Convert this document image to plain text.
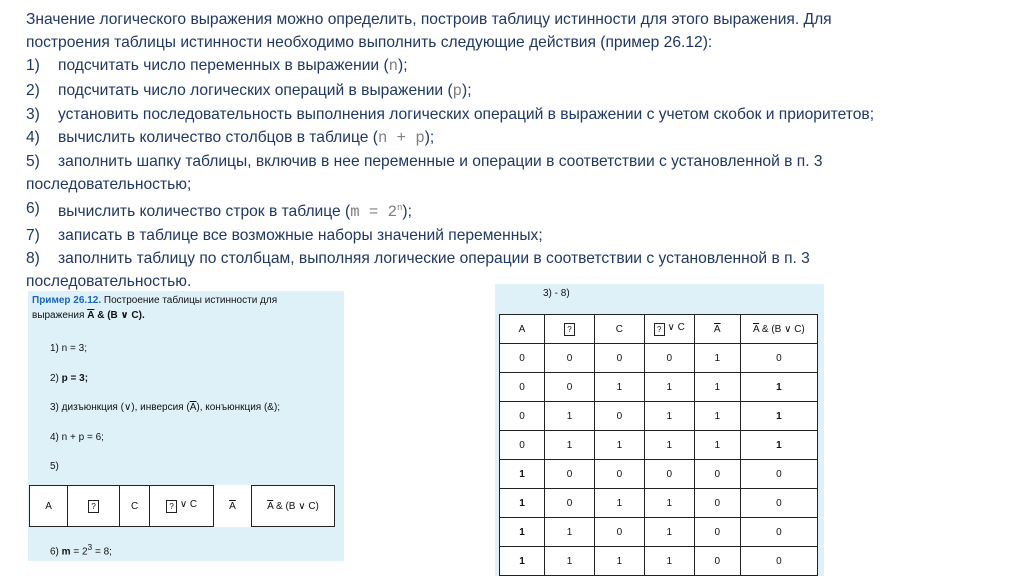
Значение логического выражения можно определить, построив таблицу истинности для этого выражения. Для

построения таблицы истинности необходимо выполнить следующие действия (пример 26.12):

1)	подсчитать число переменных в выражении (n);
2)	подсчитать число логических операций в выражении (p);
3)	установить последовательность выполнения логических операций в выражении с учетом скобок и приоритетов;
4)	вычислить количество столбцов в таблице (n + p);
5)	заполнить шапку таблицы, включив в нее переменные и операции в соответствии с установленной в п. 3
последовательностью;
6)	вычислить количество строк в таблице $(m = 2^n)$;
7)	записать в таблице все возможные наборы значений переменных;
8)	заполнить таблицу по столбцам, выполняя логические операции в соответствии с установленной в п. 3
последовательностью.
Пример 26.12. Построение таблицы истинности для
выражения $\overline{A}$ & (B ∨ C).
1) n = 3;
2) p = 3;
3) дизъюнкция (∨), инверсия $(\overline{A})$, конъюнкция (&);
4) n + p = 6;
5)
A	?	C	? ∨ C	$\overline{A}$	$\overline{A}$ & (B ∨ C)
6) $m = 2^3 = 8$;
3) - 8)
A	?	C	? ∨ C	$\overline{A}$	$\overline{A}$ & (B ∨ C)
0	0	0	0	1	0
0	0	1	1	1	1
0	1	0	1	1	1
0	1	1	1	1	1
1	0	0	0	0	0
1	0	1	1	0	0
1	1	0	1	0	0
1	1	1	1	0	0
